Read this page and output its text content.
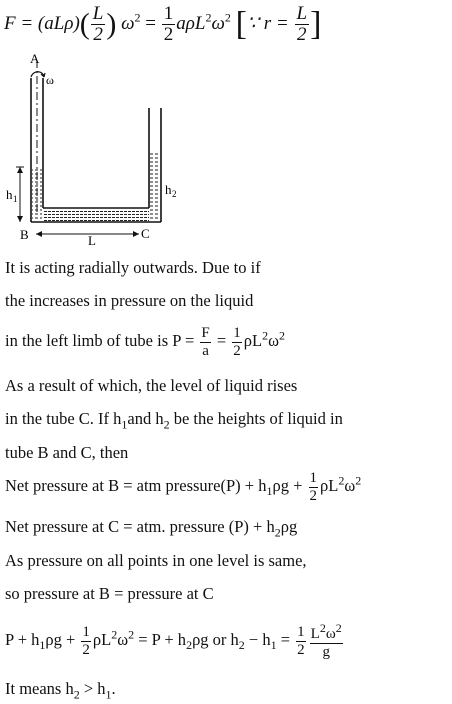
$F = (aL\rho)( \frac{L}{2}$ ) $\omega^2 = \frac{1}{2} a\rho L^2\omega^2$ [∵ $r = \frac{L}{2}$ ]
A
ω
h 1
h 2
B	C
L
It is acting radially outwards. Due to if
the increases in pressure on the liquid
in the left limb of tube is $P = \frac{F}{a} = \frac{1}{2} \rho L^2\omega^2$
As a result of which, the level of liquid rises
in the tube C. If $h_1and$ $h_2$ be the heights of liquid in
tube B and C, then
Net pressure at B = atm pressure(P) + $h_1\rho g + \frac{1}{2} \rho L^2\omega^2$
Net pressure at C = atm. pressure $(P) + h_2\rho g$
As pressure on all points in one level is same,
so pressure at B = pressure at C
$P + h_1\rho g + \frac{1}{2} \rho L^2\omega^2 = P + h_2\rho g$ or $h_2 - h_1 = \frac{1}{2} \frac{L^2\omega^2}{g}$
It means $h_2 > h_1$.
